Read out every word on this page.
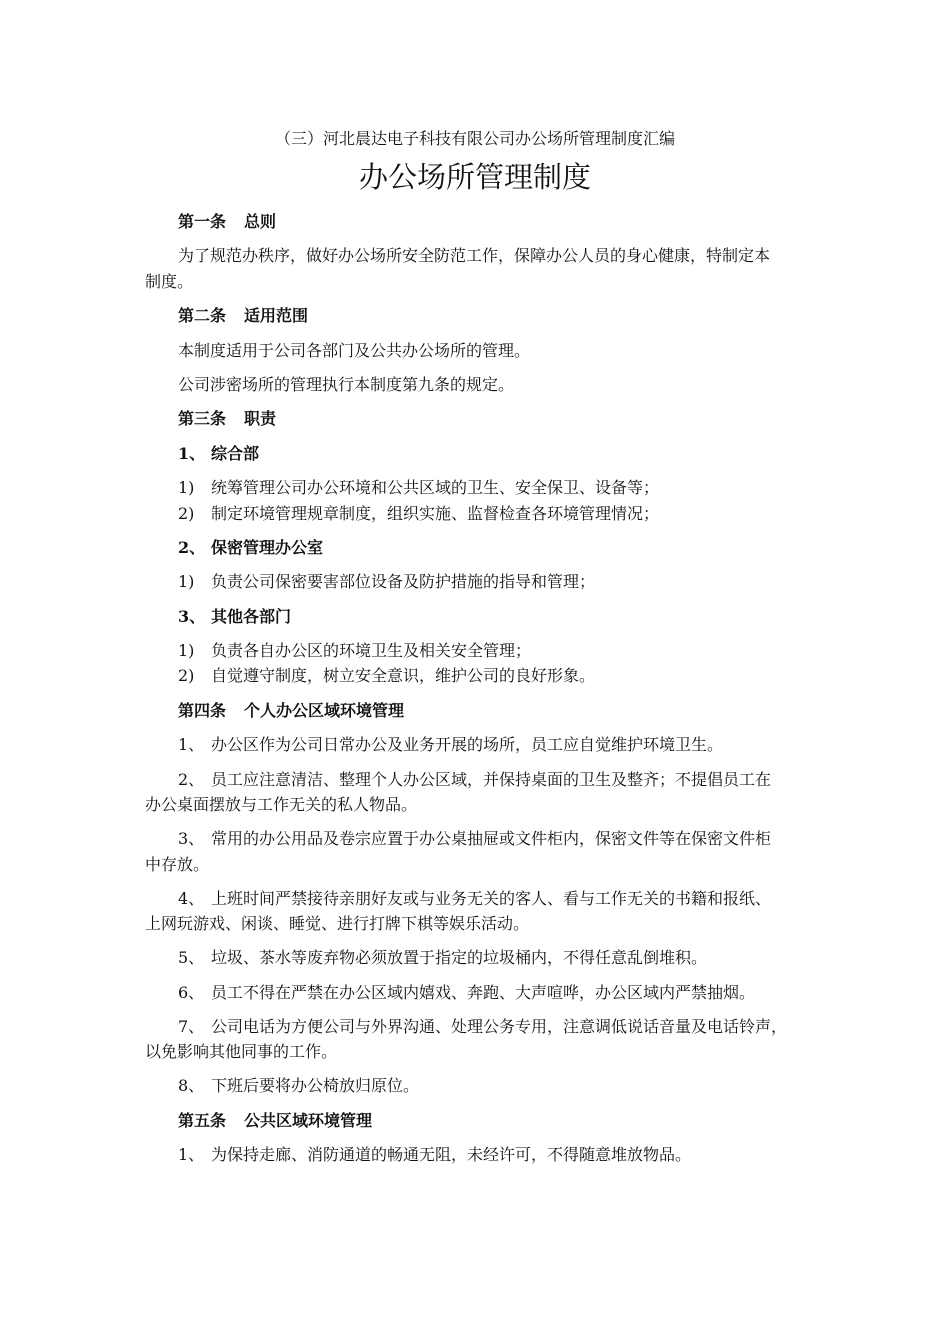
（三）河北晨达电子科技有限公司办公场所管理制度汇编
办公场所管理制度
第一条 总则
为了规范办秩序，做好办公场所安全防范工作，保障办公人员的身心健康，特制定本
制度。
第二条 适用范围
本制度适用于公司各部门及公共办公场所的管理。
公司涉密场所的管理执行本制度第九条的规定。
第三条 职责
1、 综合部
1) 统筹管理公司办公环境和公共区域的卫生、安全保卫、设备等；
2) 制定环境管理规章制度，组织实施、监督检查各环境管理情况；
2、 保密管理办公室
1) 负责公司保密要害部位设备及防护措施的指导和管理；
3、 其他各部门
1) 负责各自办公区的环境卫生及相关安全管理；
2) 自觉遵守制度，树立安全意识，维护公司的良好形象。
第四条 个人办公区域环境管理
1、 办公区作为公司日常办公及业务开展的场所，员工应自觉维护环境卫生。
2、 员工应注意清洁、整理个人办公区域，并保持桌面的卫生及整齐；不提倡员工在
办公桌面摆放与工作无关的私人物品。
3、 常用的办公用品及卷宗应置于办公桌抽屉或文件柜内，保密文件等在保密文件柜
中存放。
4、 上班时间严禁接待亲朋好友或与业务无关的客人、看与工作无关的书籍和报纸、
上网玩游戏、闲谈、睡觉、进行打牌下棋等娱乐活动。
5、 垃圾、茶水等废弃物必须放置于指定的垃圾桶内，不得任意乱倒堆积。
6、 员工不得在严禁在办公区域内嬉戏、奔跑、大声喧哗，办公区域内严禁抽烟。
7、 公司电话为方便公司与外界沟通、处理公务专用，注意调低说话音量及电话铃声，
以免影响其他同事的工作。
8、 下班后要将办公椅放归原位。
第五条 公共区域环境管理
1、 为保持走廊、消防通道的畅通无阻，未经许可，不得随意堆放物品。
